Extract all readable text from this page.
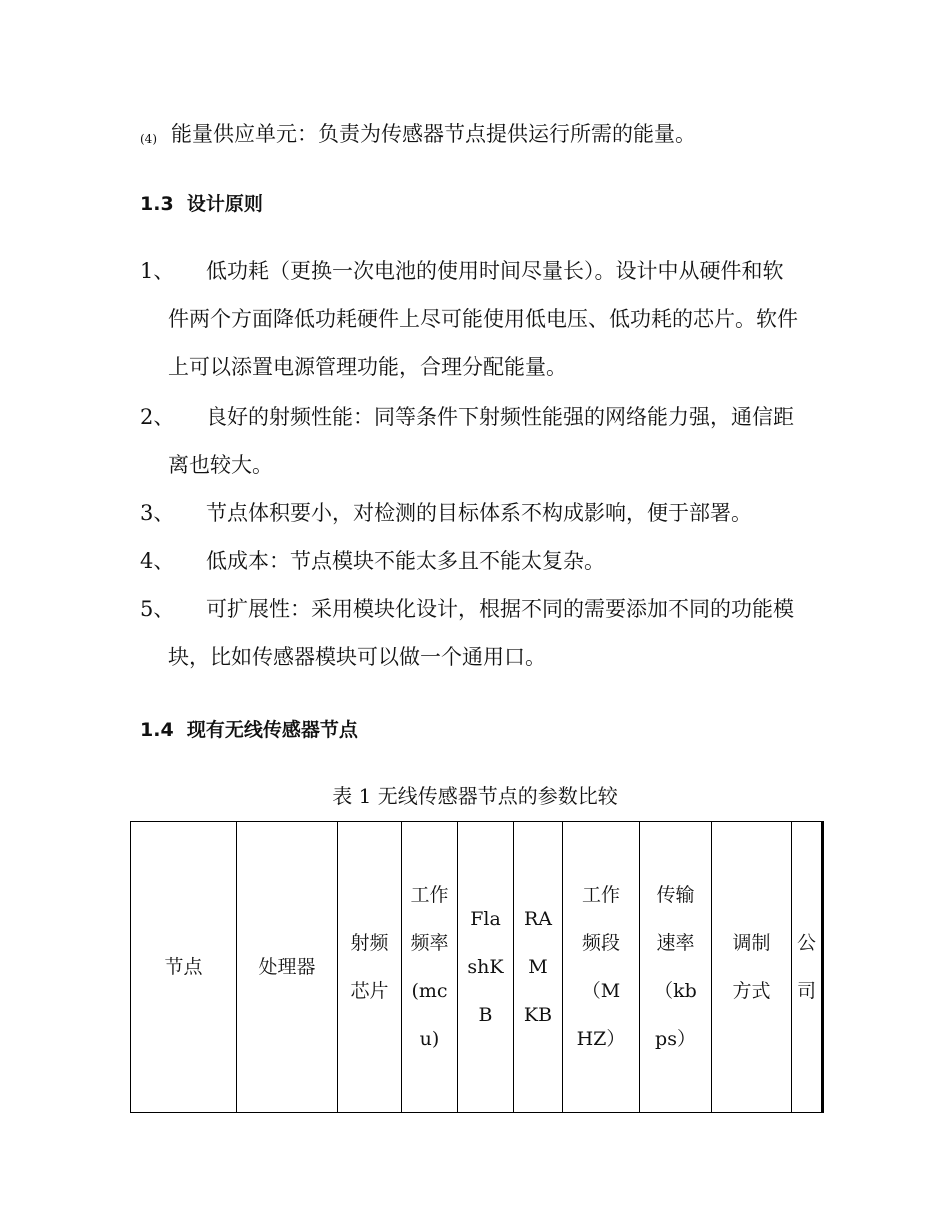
(4) 能量供应单元：负责为传感器节点提供运行所需的能量。
1.3 设计原则
1、 低功耗（更换一次电池的使用时间尽量长）。设计中从硬件和软
件两个方面降低功耗硬件上尽可能使用低电压、低功耗的芯片。软件
上可以添置电源管理功能，合理分配能量。
2、 良好的射频性能：同等条件下射频性能强的网络能力强，通信距
离也较大。
3、 节点体积要小，对检测的目标体系不构成影响，便于部署。
4、 低成本：节点模块不能太多且不能太复杂。
5、 可扩展性：采用模块化设计，根据不同的需要添加不同的功能模
块，比如传感器模块可以做一个通用口。
1.4 现有无线传感器节点
表 1 无线传感器节点的参数比较
节点	处理器	射频芯片	工作频率(mcu)	FlashKB	RAMKB	工作频段（MHZ）	传输速率（kbps）	调制方式	公司
